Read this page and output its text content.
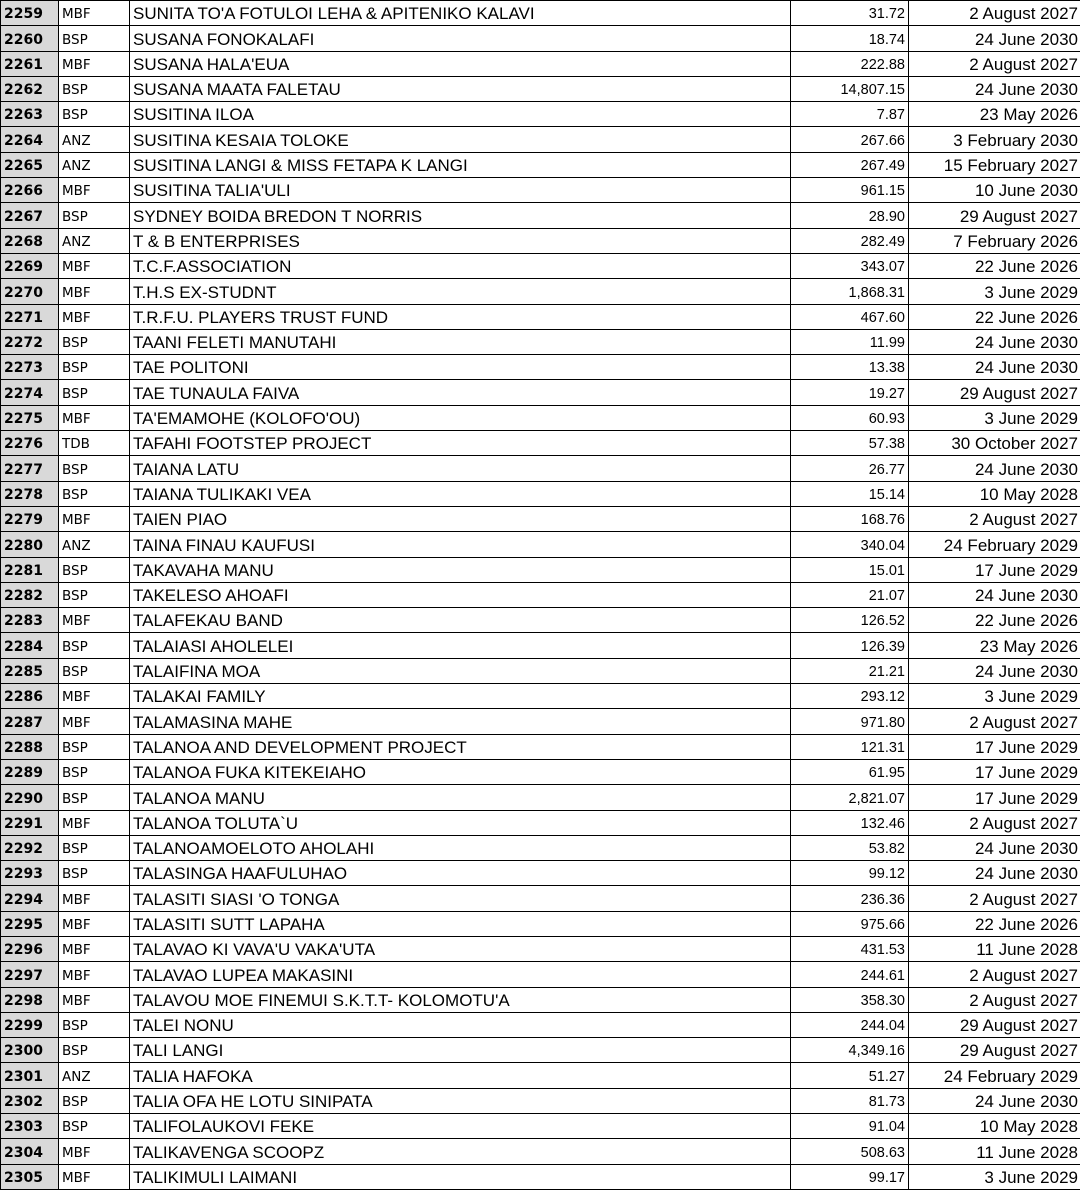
2259	MBF	SUNITA TO'A FOTULOI LEHA & APITENIKO KALAVI	31.72	2 August 2027
2260	BSP	SUSANA FONOKALAFI	18.74	24 June 2030
2261	MBF	SUSANA HALA'EUA	222.88	2 August 2027
2262	BSP	SUSANA MAATA FALETAU	14,807.15	24 June 2030
2263	BSP	SUSITINA ILOA	7.87	23 May 2026
2264	ANZ	SUSITINA KESAIA TOLOKE	267.66	3 February 2030
2265	ANZ	SUSITINA LANGI & MISS FETAPA K LANGI	267.49	15 February 2027
2266	MBF	SUSITINA TALIA'ULI	961.15	10 June 2030
2267	BSP	SYDNEY BOIDA BREDON T NORRIS	28.90	29 August 2027
2268	ANZ	T & B ENTERPRISES	282.49	7 February 2026
2269	MBF	T.C.F.ASSOCIATION	343.07	22 June 2026
2270	MBF	T.H.S EX-STUDNT	1,868.31	3 June 2029
2271	MBF	T.R.F.U. PLAYERS TRUST FUND	467.60	22 June 2026
2272	BSP	TAANI FELETI MANUTAHI	11.99	24 June 2030
2273	BSP	TAE POLITONI	13.38	24 June 2030
2274	BSP	TAE TUNAULA FAIVA	19.27	29 August 2027
2275	MBF	TA'EMAMOHE (KOLOFO'OU)	60.93	3 June 2029
2276	TDB	TAFAHI FOOTSTEP PROJECT	57.38	30 October 2027
2277	BSP	TAIANA LATU	26.77	24 June 2030
2278	BSP	TAIANA TULIKAKI VEA	15.14	10 May 2028
2279	MBF	TAIEN PIAO	168.76	2 August 2027
2280	ANZ	TAINA FINAU KAUFUSI	340.04	24 February 2029
2281	BSP	TAKAVAHA MANU	15.01	17 June 2029
2282	BSP	TAKELESO AHOAFI	21.07	24 June 2030
2283	MBF	TALAFEKAU BAND	126.52	22 June 2026
2284	BSP	TALAIASI AHOLELEI	126.39	23 May 2026
2285	BSP	TALAIFINA MOA	21.21	24 June 2030
2286	MBF	TALAKAI FAMILY	293.12	3 June 2029
2287	MBF	TALAMASINA MAHE	971.80	2 August 2027
2288	BSP	TALANOA AND DEVELOPMENT PROJECT	121.31	17 June 2029
2289	BSP	TALANOA FUKA KITEKEIAHO	61.95	17 June 2029
2290	BSP	TALANOA MANU	2,821.07	17 June 2029
2291	MBF	TALANOA TOLUTA`U	132.46	2 August 2027
2292	BSP	TALANOAMOELOTO AHOLAHI	53.82	24 June 2030
2293	BSP	TALASINGA HAAFULUHAO	99.12	24 June 2030
2294	MBF	TALASITI SIASI 'O TONGA	236.36	2 August 2027
2295	MBF	TALASITI SUTT LAPAHA	975.66	22 June 2026
2296	MBF	TALAVAO KI VAVA'U VAKA'UTA	431.53	11 June 2028
2297	MBF	TALAVAO LUPEA MAKASINI	244.61	2 August 2027
2298	MBF	TALAVOU MOE FINEMUI S.K.T.T- KOLOMOTU'A	358.30	2 August 2027
2299	BSP	TALEI NONU	244.04	29 August 2027
2300	BSP	TALI LANGI	4,349.16	29 August 2027
2301	ANZ	TALIA HAFOKA	51.27	24 February 2029
2302	BSP	TALIA OFA HE LOTU SINIPATA	81.73	24 June 2030
2303	BSP	TALIFOLAUKOVI FEKE	91.04	10 May 2028
2304	MBF	TALIKAVENGA SCOOPZ	508.63	11 June 2028
2305	MBF	TALIKIMULI LAIMANI	99.17	3 June 2029
